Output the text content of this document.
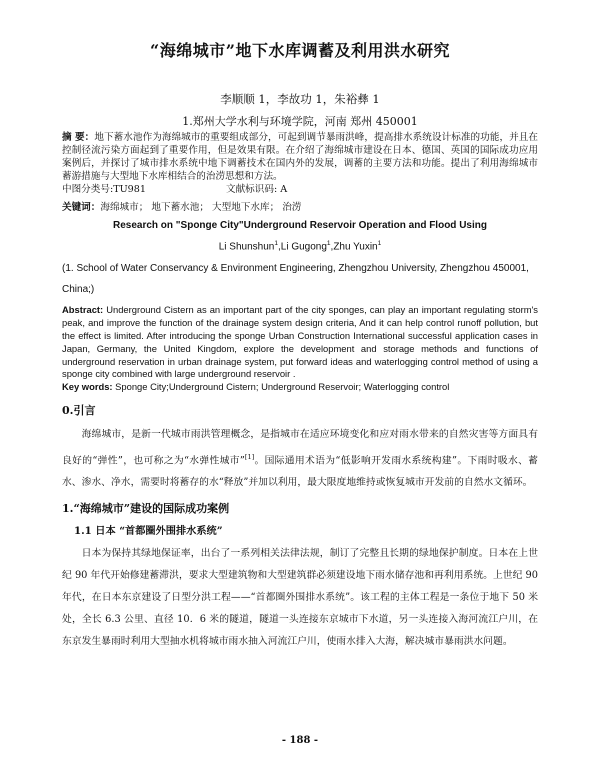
“海绵城市”地下水库调蓄及利用洪水研究

李顺顺 1，李故功 1，朱裕彝 1

1.郑州大学水利与环境学院，河南 郑州 450001

摘 要：地下蓄水池作为海绵城市的重要组成部分，可起到调节暴雨洪峰，提高排水系统设计标准的功能，并且在控制径流污染方面起到了重要作用，但是效果有限。在介绍了海绵城市建设在日本、德国、英国的国际成功应用案例后，并探讨了城市排水系统中地下调蓄技术在国内外的发展，调蓄的主要方法和功能。提出了利用海绵城市蓄游措施与大型地下水库相结合的治涝思想和方法。

中图分类号:TU981	文献标识码: A

关键词：海绵城市； 地下蓄水池； 大型地下水库； 治涝

Research on "Sponge City"Underground Reservoir Operation and Flood Using

Li Shunshun$^1$,Li Gugong$^1$,Zhu Yuxin$^1$

(1. School of Water Conservancy & Environment Engineering, Zhengzhou University, Zhengzhou 450001, China;)

Abstract: Underground Cistern as an important part of the city sponges, can play an important regulating storm's peak, and improve the function of the drainage system design criteria, And it can help control runoff pollution, but the effect is limited. After introducing the sponge Urban Construction International successful application cases in Japan, Germany, the United Kingdom, explore the development and storage methods and functions of underground reservation in urban drainage system, put forward ideas and waterlogging control method of using a sponge city combined with large underground reservoir .

Key words: Sponge City;Underground Cistern; Underground Reservoir; Waterlogging control

0.引言

海绵城市，是新一代城市雨洪管理概念，是指城市在适应环境变化和应对雨水带来的自然灾害等方面具有良好的“弹性”，也可称之为“水弹性城市”[1]。国际通用术语为“低影响开发雨水系统构建”。下雨时吸水、蓄水、渗水、净水，需要时将蓄存的水“释放”并加以利用，最大限度地维持或恢复城市开发前的自然水文循环。

1.“海绵城市”建设的国际成功案例
1.1 日本 “首都圈外围排水系统”

日本为保持其绿地保证率，出台了一系列相关法律法规，制订了完整且长期的绿地保护制度。日本在上世纪 90 年代开始修建蓄滞洪，要求大型建筑物和大型建筑群必须建设地下雨水储存池和再利用系统。上世纪 90 年代，在日本东京建设了日型分洪工程——“首都圈外围排水系统”。该工程的主体工程是一条位于地下 50 米处，全长 6.3 公里、直径 10．6 米的隧道，隧道一头连接东京城市下水道，另一头连接入海河流江户川，在东京发生暴雨时利用大型抽水机将城市雨水抽入河流江户川，使雨水排入大海，解决城市暴雨洪水问题。

- 188 -
